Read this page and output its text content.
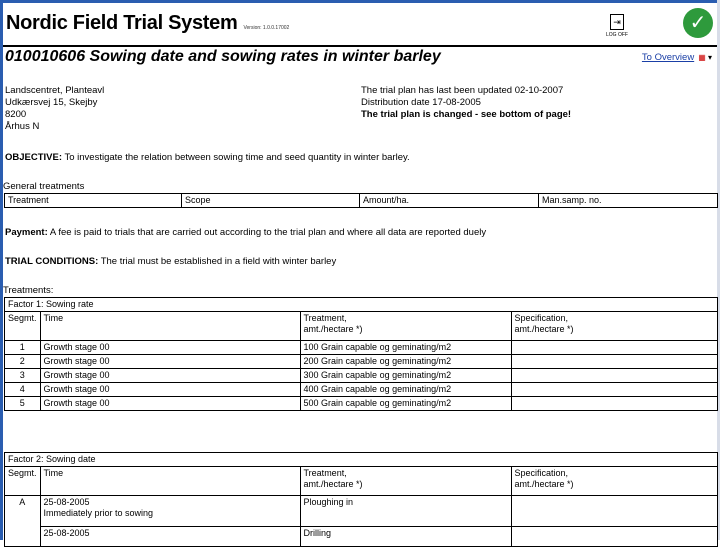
Nordic Field Trial System Version: 1.0.0.17002
⇥
LOG OFF
✓
010010606 Sowing date and sowing rates in winter barley	To Overview ▦ ▾
Landscentret, Planteavl
Udkærsvej 15, Skejby
8200
Århus N
The trial plan has last been updated 02-10-2007
Distribution date 17-08-2005
The trial plan is changed - see bottom of page!
OBJECTIVE: To investigate the relation between sowing time and seed quantity in winter barley.
General treatments
Treatment	Scope	Amount/ha.	Man.samp. no.
Payment: A fee is paid to trials that are carried out according to the trial plan and where all data are reported duely
TRIAL CONDITIONS: The trial must be established in a field with winter barley
Treatments:
Factor 1: Sowing rate			
Segmt.	Time	Treatment,
amt./hectare *)	Specification,
amt./hectare *)
1	Growth stage 00	100 Grain capable og geminating/m2	
2	Growth stage 00	200 Grain capable og geminating/m2	
3	Growth stage 00	300 Grain capable og geminating/m2	
4	Growth stage 00	400 Grain capable og geminating/m2	
5	Growth stage 00	500 Grain capable og geminating/m2	
Factor 2: Sowing date			
Segmt.	Time	Treatment,
amt./hectare *)	Specification,
amt./hectare *)
A	25-08-2005
Immediately prior to sowing	Ploughing in	
	25-08-2005	Drilling	
